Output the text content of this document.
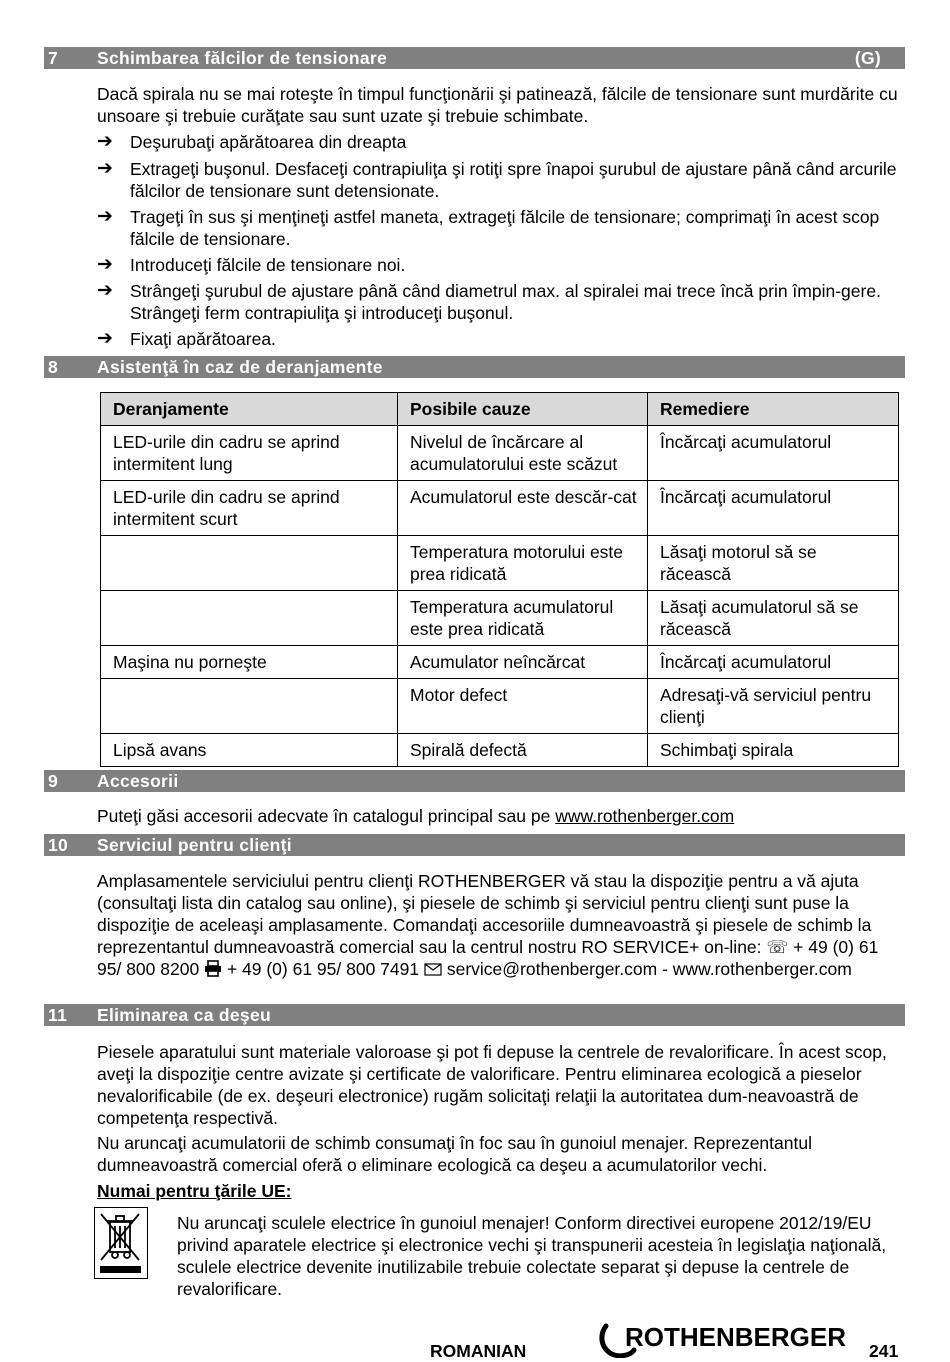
7 Schimbarea fălcilor de tensionare	(G)

Dacă spirala nu se mai roteşte în timpul funcţionării şi patinează, fălcile de tensionare sunt murdărite cu unsoare şi trebuie curăţate sau sunt uzate şi trebuie schimbate.

➔ Deşurubaţi apărătoarea din dreapta
➔ Extrageţi buşonul. Desfaceţi contrapiuliţa şi rotiţi spre înapoi şurubul de ajustare până când arcurile fălcilor de tensionare sunt detensionate.
➔ Trageţi în sus şi menţineţi astfel maneta, extrageţi fălcile de tensionare; comprimaţi în acest scop fălcile de tensionare.
➔ Introduceţi fălcile de tensionare noi.
➔ Strângeţi şurubul de ajustare până când diametrul max. al spiralei mai trece încă prin împin-gere. Strângeţi ferm contrapiuliţa şi introduceţi buşonul.
➔ Fixaţi apărătoarea.
8 Asistenţă în caz de deranjamente
Deranjamente	Posibile cauze	Remediere
LED-urile din cadru se aprind intermitent lung	Nivelul de încărcare al acumulatorului este scăzut	Încărcaţi acumulatorul
LED-urile din cadru se aprind intermitent scurt	Acumulatorul este descăr-cat	Încărcaţi acumulatorul
	Temperatura motorului este prea ridicată	Lăsaţi motorul să se răcească
	Temperatura acumulatorul este prea ridicată	Lăsaţi acumulatorul să se răcească
Maşina nu porneşte	Acumulator neîncărcat	Încărcaţi acumulatorul
	Motor defect	Adresaţi-vă serviciul pentru clienţi
Lipsă avans	Spirală defectă	Schimbaţi spirala
9 Accesorii

Puteţi găsi accesorii adecvate în catalogul principal sau pe www.rothenberger.com

10 Serviciul pentru clienţi

Amplasamentele serviciului pentru clienţi ROTHENBERGER vă stau la dispoziţie pentru a vă ajuta (consultaţi lista din catalog sau online), şi piesele de schimb şi serviciul pentru clienţi sunt puse la dispoziţie de aceleaşi amplasamente. Comandaţi accesoriile dumneavoastră şi piesele de schimb la reprezentantul dumneavoastră comercial sau la centrul nostru RO SERVICE+ on-line: ☏ + 49 (0) 61 95/ 800 8200 + 49 (0) 61 95/ 800 7491 service@rothenberger.com - www.rothenberger.com

11 Eliminarea ca deşeu

Piesele aparatului sunt materiale valoroase şi pot fi depuse la centrele de revalorificare. În acest scop, aveţi la dispoziţie centre avizate şi certificate de valorificare. Pentru eliminarea ecologică a pieselor nevalorificabile (de ex. deşeuri electronice) rugăm solicitaţi relaţii la autoritatea dum-neavoastră de competenţa respectivă.

Nu aruncaţi acumulatorii de schimb consumaţi în foc sau în gunoiul menajer. Reprezentantul dumneavoastră comercial oferă o eliminare ecologică ca deşeu a acumulatorilor vechi.

Numai pentru ţările UE:

Nu aruncaţi sculele electrice în gunoiul menajer! Conform directivei europene 2012/19/EU privind aparatele electrice şi electronice vechi şi transpunerii acesteia în legislaţia naţională, sculele electrice devenite inutilizabile trebuie colectate separat şi depuse la centrele de revalorificare.

ROMANIAN	ROTHENBERGER 241
